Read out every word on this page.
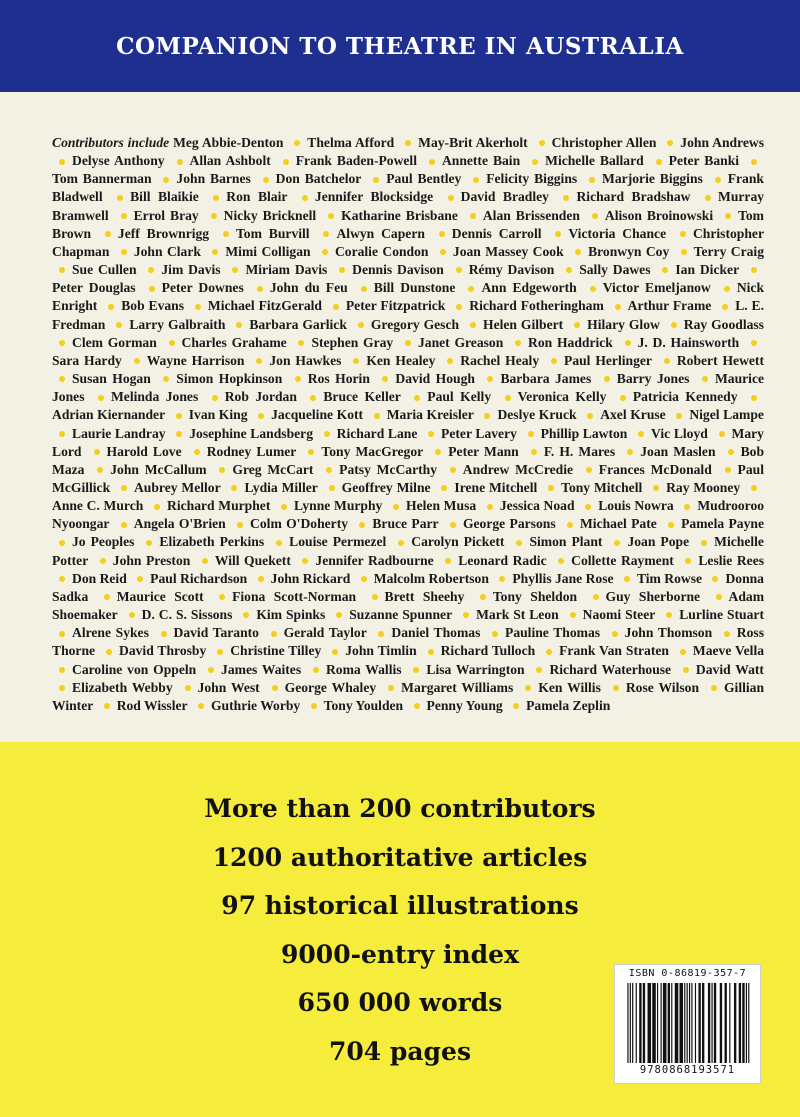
COMPANION TO THEATRE IN AUSTRALIA
Contributors include Meg Abbie-Denton Thelma Afford May-Brit Akerholt Christopher Allen John Andrews Delyse Anthony Allan Ashbolt Frank Baden-Powell Annette Bain Michelle Ballard Peter Banki Tom Bannerman John Barnes Don Batchelor Paul Bentley Felicity Biggins Marjorie Biggins Frank Bladwell Bill Blaikie Ron Blair Jennifer Blocksidge David Bradley Richard Bradshaw Murray Bramwell Errol Bray Nicky Bricknell Katharine Brisbane Alan Brissenden Alison Broinowski Tom Brown Jeff Brownrigg Tom Burvill Alwyn Capern Dennis Carroll Victoria Chance Christopher Chapman John Clark Mimi Colligan Coralie Condon Joan Massey Cook Bronwyn Coy Terry Craig Sue Cullen Jim Davis Miriam Davis Dennis Davison Rémy Davison Sally Dawes Ian Dicker Peter Douglas Peter Downes John du Feu Bill Dunstone Ann Edgeworth Victor Emeljanow Nick Enright Bob Evans Michael FitzGerald Peter Fitzpatrick Richard Fotheringham Arthur Frame L. E. Fredman Larry Galbraith Barbara Garlick Gregory Gesch Helen Gilbert Hilary Glow Ray Goodlass Clem Gorman Charles Grahame Stephen Gray Janet Greason Ron Haddrick J. D. Hainsworth Sara Hardy Wayne Harrison Jon Hawkes Ken Healey Rachel Healy Paul Herlinger Robert Hewett Susan Hogan Simon Hopkinson Ros Horin David Hough Barbara James Barry Jones Maurice Jones Melinda Jones Rob Jordan Bruce Keller Paul Kelly Veronica Kelly Patricia Kennedy Adrian Kiernander Ivan King Jacqueline Kott Maria Kreisler Deslye Kruck Axel Kruse Nigel Lampe Laurie Landray Josephine Landsberg Richard Lane Peter Lavery Phillip Lawton Vic Lloyd Mary Lord Harold Love Rodney Lumer Tony MacGregor Peter Mann F. H. Mares Joan Maslen Bob Maza John McCallum Greg McCart Patsy McCarthy Andrew McCredie Frances McDonald Paul McGillick Aubrey Mellor Lydia Miller Geoffrey Milne Irene Mitchell Tony Mitchell Ray Mooney Anne C. Murch Richard Murphet Lynne Murphy Helen Musa Jessica Noad Louis Nowra Mudrooroo Nyoongar Angela O'Brien Colm O'Doherty Bruce Parr George Parsons Michael Pate Pamela Payne Jo Peoples Elizabeth Perkins Louise Permezel Carolyn Pickett Simon Plant Joan Pope Michelle Potter John Preston Will Quekett Jennifer Radbourne Leonard Radic Collette Rayment Leslie Rees Don Reid Paul Richardson John Rickard Malcolm Robertson Phyllis Jane Rose Tim Rowse Donna Sadka Maurice Scott Fiona Scott-Norman Brett Sheehy Tony Sheldon Guy Sherborne Adam Shoemaker D. C. S. Sissons Kim Spinks Suzanne Spunner Mark St Leon Naomi Steer Lurline Stuart Alrene Sykes David Taranto Gerald Taylor Daniel Thomas Pauline Thomas John Thomson Ross Thorne David Throsby Christine Tilley John Timlin Richard Tulloch Frank Van Straten Maeve Vella Caroline von Oppeln James Waites Roma Wallis Lisa Warrington Richard Waterhouse David Watt Elizabeth Webby John West George Whaley Margaret Williams Ken Willis Rose Wilson Gillian Winter Rod Wissler Guthrie Worby Tony Youlden Penny Young Pamela Zeplin
More than 200 contributors
1200 authoritative articles
97 historical illustrations
9000-entry index
650 000 words
704 pages
ISBN 0-86819-357-7
9780868193571
